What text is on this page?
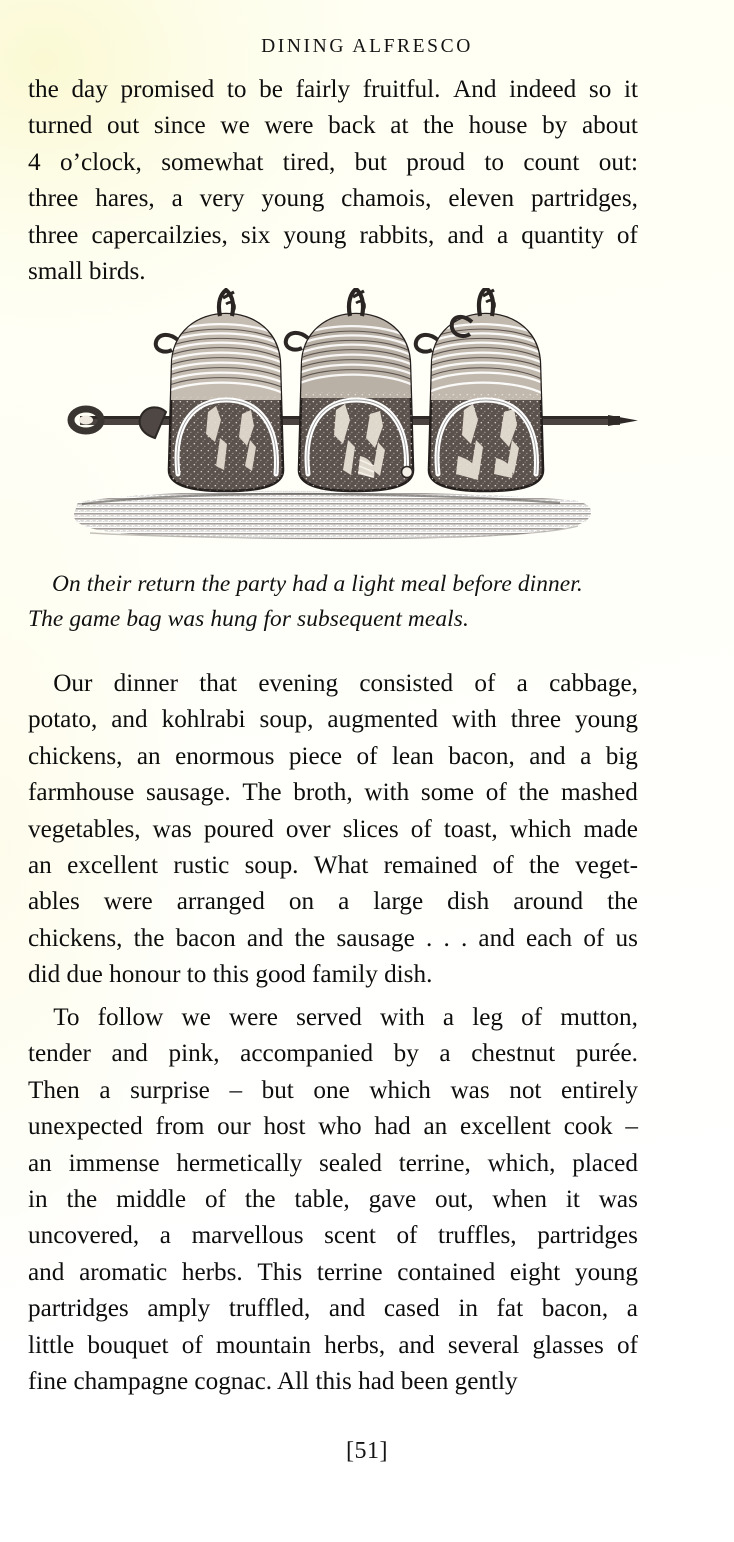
DINING ALFRESCO
the day promised to be fairly fruitful. And indeed so it
turned out since we were back at the house by about
4 o’clock, somewhat tired, but proud to count out:
three hares, a very young chamois, eleven partridges,
three capercailzies, six young rabbits, and a quantity of
small birds.
On their return the party had a light meal before dinner.
The game bag was hung for subsequent meals.
 Our dinner that evening consisted of a cabbage,
potato, and kohlrabi soup, augmented with three young
chickens, an enormous piece of lean bacon, and a big
farmhouse sausage. The broth, with some of the mashed
vegetables, was poured over slices of toast, which made
an excellent rustic soup. What remained of the veget-
ables were arranged on a large dish around the
chickens, the bacon and the sausage . . . and each of us
did due honour to this good family dish.
 To follow we were served with a leg of mutton,
tender and pink, accompanied by a chestnut purée.
Then a surprise – but one which was not entirely
unexpected from our host who had an excellent cook –
an immense hermetically sealed terrine, which, placed
in the middle of the table, gave out, when it was
uncovered, a marvellous scent of truffles, partridges
and aromatic herbs. This terrine contained eight young
partridges amply truffled, and cased in fat bacon, a
little bouquet of mountain herbs, and several glasses of
fine champagne cognac. All this had been gently
[51]
